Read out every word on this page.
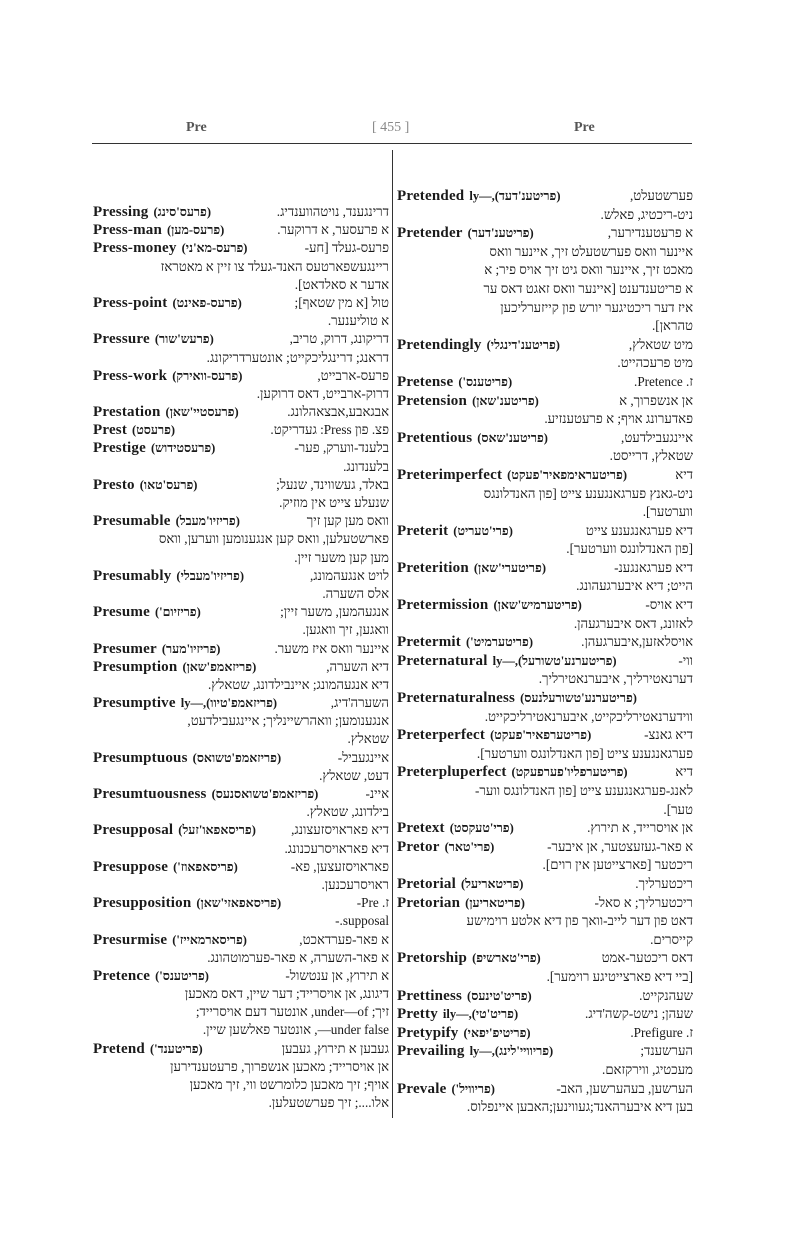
Pre	[ 455 ]	Pre
Pressing (פרעס'סינג)	דרינגענד, נויטהווענדיג.
Press-man (פרעס-מען)	א פרעסער, א דרוקער.
Press-money (פרעס-מא'ני)	פרעס-געלד [חע-
ריינגעשפארטעס האנד-געלד צו זיין א מאטראז
אדער א סאלדאט].
Press-point (פרעס-פאינט)	טול [א מין שטאף];
א טוליענער.
Pressure (פרעש'שור)	דריקונג, דרוק, טריב,
דראנג; דרינגליכקייט; אונטערדריקונג.
Press-work (פרעס-וואירק)	פרעס-ארבייט,
דרוק-ארבייט, דאס דרוקען.
Prestation (פרעסטיי'שאן)	אבגאבע,אבצאהלונג.
Prest (פרעסט)	פצ. פון Press: געדריקט.
Prestige (פרעסטידוש)	בלענד-ווערק, פער-
בלענדונג.
Presto (פרעס'טאו)	באלד, געשווינד, שנעל;
שנעלע צייט אין מוזיק.
Presumable (פריזיו'מעבל)	וואס מען קען זיך
פארשטעלען, וואס קען אנגענומען ווערען, וואס
מען קען משער זיין.
Presumably (פריזיו'מעבלי)	לויט אנגעהמונג,
אלס השערה.
Presume (פריזיום')	אנגעהמען, משער זיין;
וואגען, זיך וואגען.
Presumer (פריזיו'מער)	איינער וואס איז משער.
Presumption (פריזאמפ'שאן)	דיא השערה,
דיא אנגעהמונג; איינבילדונג, שטאלץ.
Presumptive (פריזאמפ'טיוו),—ly	השערה'דיג,
אנגענומען; וואהרשיינליך; איינגעבילדעט,
שטאלץ.
Presumptuous (פריזאמפ'טשואס)	איינגעביל-
דעט, שטאלץ.
Presumtuousness (פריזאמפ'טשואסנעס)	איינ-
בילדונג, שטאלץ.
Presupposal (פריסאפאו'זעל)	דיא פאראויסזעצונג,
דיא פאראויסרעכנונג.
Presuppose (פריסאפאוז')	פאראויסזעצען, פא-
ראויסרעכנען.
Presupposition (פריסאפאזי'שאן)	ז. Pre-
supposal.-
Presurmise (פריסארמאייז')	א פאר-פערדאכט,
א פאר-השערה, א פאר-פערמוטהונג.
Pretence (פריטענס')	א תירוץ, אן ענטשול-
דיגונג, אן אויסרייד; דער שיין, דאס מאכען
זיך; under—of, אונטער דעם אויסרייד;
under false—, אונטער פאלשען שיין.
Pretend (פריטענד')	געבען א תירוץ, געבען
אן אויסרייד; מאכען אנשפרוך, פרעטענדירען
אויף; זיך מאכען כלומרשט ווי, זיך מאכען
אלו....; זיך פערשטעלען.
Pretended (פריטענ'דעד),—ly	פערשטעלט,
ניט-ריכטיג, פאלש.
Pretender (פריטענ'דער)	א פרעטענדירער,
איינער וואס פערשטעלט זיך, איינער וואס
מאכט זיך, איינער וואס גיט זיך אויס פיר; א
א פריטענדענט [איינער וואס זאגט דאס ער
איז דער ריכטיגער יורש פון קייזערליכען
טהראן].
Pretendingly (פריטענ'דינגלי)	מיט שטאלץ,
מיט פרעכהייט.
Pretense (פריטענס')	ז. Pretence.
Pretension (פריטענ'שאן)	אן אנשפרוך, א
פאדערונג אויף; א פרעטענזיע.
Pretentious (פריטענ'שאס)	איינגעבילדעט,
שטאלץ, דרייסט.
Preterimperfect (פריטעראימפאיר'פעקט)	דיא
ניט-גאנץ פערגאנגענע צייט [פון האנדלונגס
ווערטער].
Preterit (פרי'טעריט)	דיא פערגאנגענע צייט
[פון האנדלונגס ווערטער].
Preterition (פריטערי'שאן)	דיא פערגאנגענ-
הייט; דיא איבערגעהונג.
Pretermission (פריטערמיש'שאן)	דיא אויס-
לאזונג, דאס איבערגעהן.
Pretermit (פריטערמיט')	אויסלאזען,איבערגעהן.
Preternatural (פריטערנע'טשורעל),—ly	ווי-
דערנאטירליך, איבערנאטירליך.
Preternaturalness (פריטערנע'טשורעלנעס)
ווידערנאטירליכקייט, איבערנאטירליכקייט.
Preterperfect (פריטערפאיר'פעקט)	דיא גאנצ-
פערגאנגענע צייט [פון האנדלונגס ווערטער].
Preterpluperfect (פריטערפליו'פערפעקט)	דיא
לאנג-פערגאנגענע צייט [פון האנדלונגס ווער-
טער].
Pretext (פרי'טעקסט)	אן אויסרייד, א תירוץ.
Pretor (פרי'טאר)	א פאר-געזעצטער, אן איבער-
ריכטער [פארצייטען אין רוים].
Pretorial (פריטאריעל)	ריכטערליך.
Pretorian (פריטאריען)	ריכטערליך; א סאל-
דאט פון דער לייב-וואך פון דיא אלטע רוימישע
קייסרים.
Pretorship (פרי'טארשיפ)	דאס ריכטער-אמט
[ביי דיא פארצייטיגע רוימער].
Prettiness (פריט'טינעס)	שעהנקייט.
Pretty (פריט'טי),—ily	שעהן; נישט-קשה'דיג.
Pretypify (פריטיפ'יפאי)	ז. Prefigure.
Prevailing (פריוויי'לינג),—ly	הערשענד;
מעכטיג, ווירקזאם.
Prevale (פריוויל')	הערשען, בעהערשען, האב-
בען דיא איבערהאנד;געווינען;האבען איינפלוס.
